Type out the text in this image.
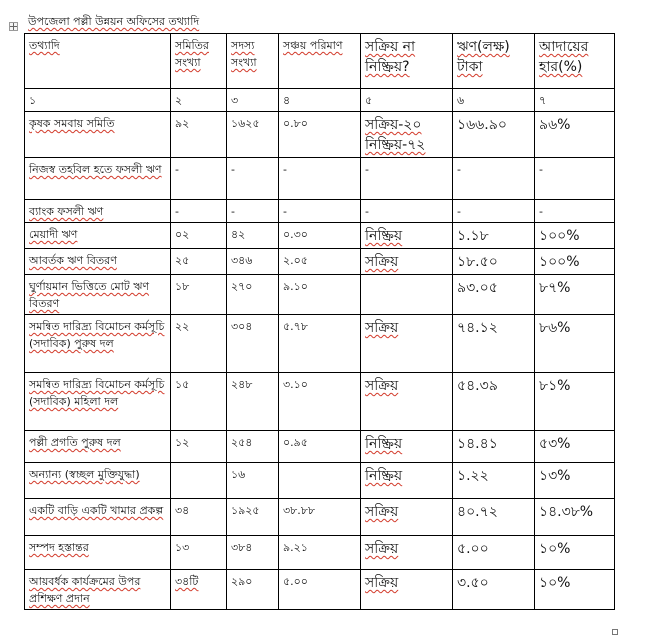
উপজেলা পল্লী উন্নয়ন অফিসের তথ্যাদি
তথ্যাদি	সমিতির সংখ্যা	সদস্য সংখ্যা	সঞ্চয় পরিমাণ	সক্রিয় না নিষ্ক্রিয়?	ঋণ(লক্ষ) টাকা	আদায়ের হার(%)
১	২	৩	৪	৫	৬	৭
কৃষক সমবায় সমিতি	৯২	১৬২৫	০.৮০	সক্রিয়-২০ নিষ্ক্রিয়-৭২	১৬৬.৯০	৯৬%
নিজস্ব তহবিল হতে ফসলী ঋণ	-	-	-	-	-	-
ব্যাংক ফসলী ঋণ	-	-	-	-	-	-
মেয়াদী ঋণ	০২	৪২	০.৩০	নিষ্ক্রিয়	১.১৮	১০০%
আবর্তক ঋণ বিতরণ	২৫	৩৪৬	২.০৫	সক্রিয়	১৮.৫০	১০০%
ঘুর্ণায়মান ভিত্তিতে মোট ঋণ বিতরণ	১৮	২৭০	৯.১০		৯৩.০৫	৮৭%
সমন্বিত দারিদ্র্য বিমোচন কর্মসূচি (সদাবিক) পুরুষ দল	২২	৩০৪	৫.৭৮	সক্রিয়	৭৪.১২	৮৬%
সমন্বিত দারিদ্র্য বিমোচন কর্মসূচি (সদাবিক) মহিলা দল	১৫	২৪৮	৩.১০	সক্রিয়	৫৪.৩৯	৮১%
পল্লী প্রগতি পুরুষ দল	১২	২৫৪	০.৯৫	নিষ্ক্রিয়	১৪.৪১	৫৩%
অন্যান্য (স্বচ্ছল মুক্তিযুদ্ধা)		১৬		নিষ্ক্রিয়	১.২২	১৩%
একটি বাড়ি একটি খামার প্রকল্প	৩৪	১৯২৫	৩৮.৮৮	সক্রিয়	৪০.৭২	১৪.৩৮%
সম্পদ হস্তান্তর	১৩	৩৮৪	৯.২১	সক্রিয়	৫.০০	১০%
আয়বর্ধক কার্যক্রমের উপর প্রশিক্ষণ প্রদান	৩৪টি	২৯০	৫.০০	সক্রিয়	৩.৫০	১০%
